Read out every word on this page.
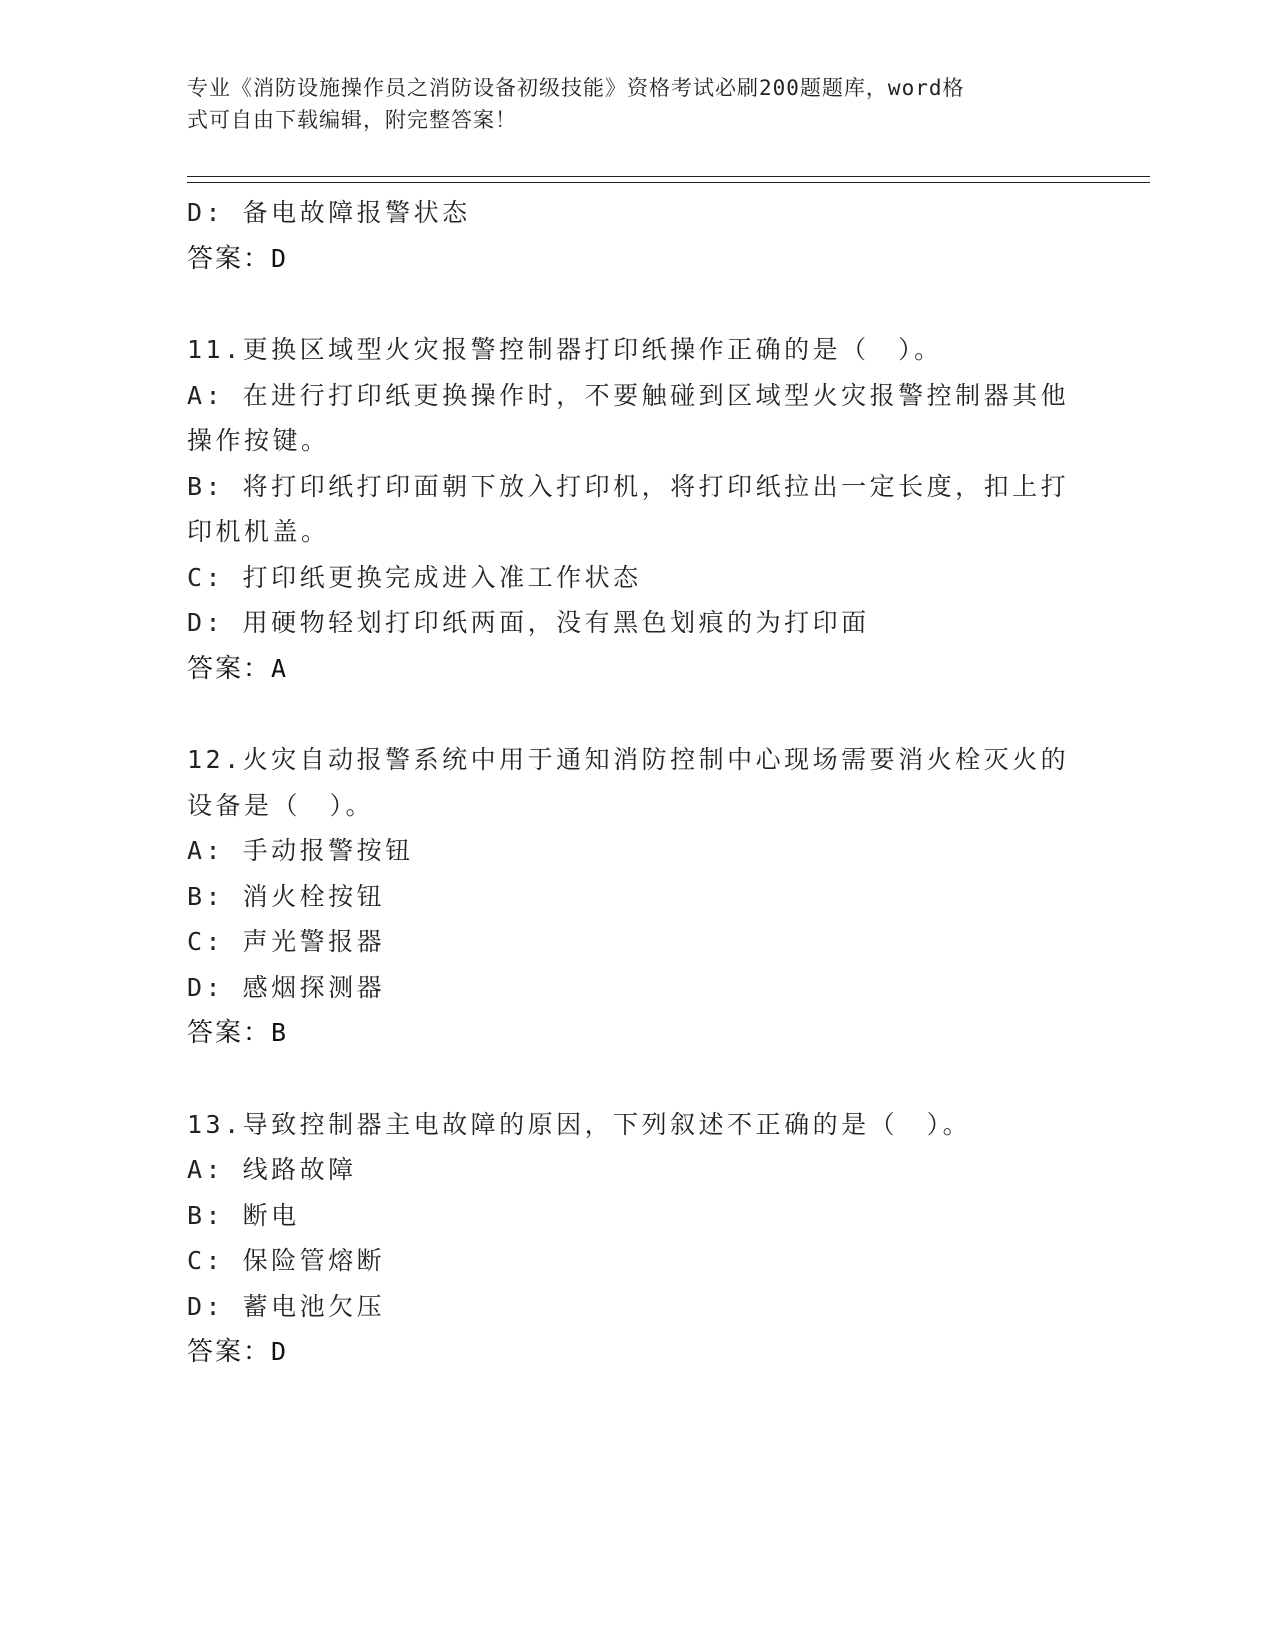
专业《消防设施操作员之消防设备初级技能》资格考试必刷200题题库，word格
式可自由下载编辑，附完整答案！
D: 备电故障报警状态
答案：D
11.更换区域型火灾报警控制器打印纸操作正确的是（　）。
A: 在进行打印纸更换操作时，不要触碰到区域型火灾报警控制器其他
操作按键。
B: 将打印纸打印面朝下放入打印机，将打印纸拉出一定长度，扣上打
印机机盖。
C: 打印纸更换完成进入准工作状态
D: 用硬物轻划打印纸两面，没有黑色划痕的为打印面
答案：A
12.火灾自动报警系统中用于通知消防控制中心现场需要消火栓灭火的
设备是（　）。
A: 手动报警按钮
B: 消火栓按钮
C: 声光警报器
D: 感烟探测器
答案：B
13.导致控制器主电故障的原因，下列叙述不正确的是（　）。
A: 线路故障
B: 断电
C: 保险管熔断
D: 蓄电池欠压
答案：D
